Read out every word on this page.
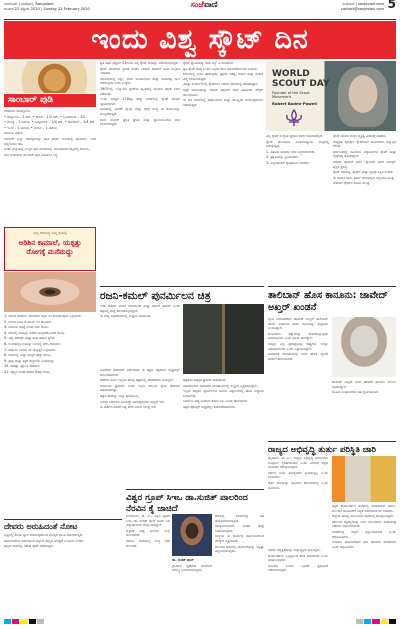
ಬೆಂಗಳೂರು | ಸಂಜೆವಾಣಿ, Bangalore
ಶನಿವಾರ 22 ಫೆಬ್ರವರಿ 2020 | Sunday 22 February 2020	ಸಂಜೆವಾಣಿ	ಸಂಜೆವಾಣಿ | sanjevani.com
contact@sanjevani.com 5
ಇಂದು ವಿಶ್ವ ಸ್ಕೌಟ್ ದಿನ
ಸಾಂಬಾರ್ ಪುಡಿ

ಬೇಕಾಗುವ ಸಾಮಗ್ರಿಗಳು:

• ಕೊತ್ತಂಬರಿ – 2 ಕಪ್, • ಜೀರಿಗೆ – 1/2 ಕಪ್, • ಒಣಮೆಣಸು – 20

• ಮೆಂತ್ಯೆ – 1 ಚಮಚ, • ಉದ್ದಿನಬೇಳೆ – 1/4 ಕಪ್, • ಕಡಲೆಬೇಳೆ – 1/4 ಕಪ್

• ಇಂಗು – 1 ಚಮಚ, • ಅರಿಶಿನ – 1 ಚಮಚ

ಮಾಡುವ ವಿಧಾನ:

ಬಾಣಲೆಗೆ ಎಲ್ಲಾ ಸಾಮಗ್ರಿಗಳನ್ನು ಹಾಕಿ ಕಡಿಮೆ ಉರಿಯಲ್ಲಿ ಹುರಿಯಿರಿ. ಬಳಿಕ ತಣ್ಣಗಾಗಲು ಬಿಡಿ.

ನಂತರ ಮಿಕ್ಸಿಯಲ್ಲಿ ನುಣ್ಣಗೆ ಪುಡಿ ಮಾಡಿಕೊಳ್ಳಿ. ಗಾಳಿಯಾಡದ ಡಬ್ಬದಲ್ಲಿ ಶೇಖರಿಸಿ.

ಈಗ ರುಚಿಯಾದ ಸಾಂಬಾರ್ ಪುಡಿ ಸವಿಯಲು ಸಿದ್ಧ.

ನಿಮ್ಮ ಆರೋಗ್ಯ ನಿಮ್ಮ ಕೈಯಲ್ಲಿ
ಅರಿಶಿನ ಕಾಮಾಲೆ, ಯಕೃತ್ತು
ರೋಗಕ್ಕೆ ಮನೆಮದ್ದು

1. ಅರಿಶಿನ ಕಾಮಾಲೆ ಇರುವವರು ಕಬ್ಬಿನ ರಸ ಕುಡಿಯುವುದು ಒಳ್ಳೆಯದು.

2. ಬೆಳಗಿನ ಜಾವ ಮೂಲಂಗಿ ರಸ ಕುಡಿಯಿರಿ.

3. ಎಳನೀರು ದಿನಕ್ಕೆ ಎರಡು ಬಾರಿ ಸೇವಿಸಿ.

4. ಕಿರುನೆಲ್ಲಿ ಸೊಪ್ಪನ್ನು ಅರೆದು ಮಜ್ಜಿಗೆಯೊಂದಿಗೆ ಸೇವಿಸಿ.

5. ಎಣ್ಣೆ ಪದಾರ್ಥ ಮತ್ತು ಕರಿದ ಆಹಾರ ತ್ಯಜಿಸಿ.

6. ನಿಂಬೆಹಣ್ಣಿನ ರಸವನ್ನು ನೀರಿನಲ್ಲಿ ಬೆರೆಸಿ ಕುಡಿಯಿರಿ.

7. ಪಪ್ಪಾಯಿ ಎಲೆಯ ರಸ ಯಕೃತ್ತಿಗೆ ಒಳ್ಳೆಯದು.

8. ಮೊಸರನ್ನ ಮತ್ತು ಮಜ್ಜಿಗೆ ಹೆಚ್ಚು ಸೇವಿಸಿ.

9. ದ್ರಾಕ್ಷಿ ಮತ್ತು ಕಿತ್ತಳೆ ಹಣ್ಣುಗಳು ಉಪಯುಕ್ತ.

10. ಸಾಕಷ್ಟು ವಿಶ್ರಾಂತಿ ಪಡೆಯಿರಿ.

11. ವೈದ್ಯರ ಸಲಹೆ ಪಡೆದು ಔಷಧ ಸೇವಿಸಿ.

ದೇವರು ಅರುಹಿದಂತೆ ನೋಟ

ವೃತ್ತದಲ್ಲಿ ಕುಳಿತು ಧ್ಯಾನ ಮಾಡುವುದರಿಂದ ಮನಸ್ಸಿಗೆ ಶಾಂತಿ ದೊರೆಯುತ್ತದೆ.

ದೇವಾಲಯಗಳ ದರ್ಶನದಿಂದ ಭಕ್ತರಿಗೆ ನೆಮ್ಮದಿ ಸಿಗುತ್ತದೆ ಎಂಬುದು ನಂಬಿಕೆ.

ಹಬ್ಬದ ದಿನಗಳಲ್ಲಿ ವಿಶೇಷ ಪೂಜೆ ನಡೆಯುತ್ತದೆ.

ಪ್ರತಿ ವರ್ಷ ಫೆಬ್ರವರಿ 22ರಂದು ವಿಶ್ವ ಸ್ಕೌಟ್ ದಿನವನ್ನು ಆಚರಿಸಲಾಗುತ್ತದೆ.

ಸ್ಕೌಟ್ ಚಳವಳಿಯ ಸ್ಥಾಪಕ ಲಾರ್ಡ್ ಬೇಡನ್ ಪೊವೆಲ್ ಅವರ ಜನ್ಮದಿನ ಇದಾಗಿದೆ.

ಯುವಜನರಲ್ಲಿ ಶಿಸ್ತು, ಸೇವಾ ಮನೋಭಾವ ಮತ್ತು ನಾಯಕತ್ವ ಗುಣ ಬೆಳೆಸುವುದು ಇದರ ಉದ್ದೇಶ.

1907ರಲ್ಲಿ ಇಂಗ್ಲೆಂಡಿನ ಬ್ರೌನ್‌ಸೀ ದ್ವೀಪದಲ್ಲಿ ಮೊದಲ ಸ್ಕೌಟ್ ಶಿಬಿರ ನಡೆಯಿತು.

ಇಂದು ಜಗತ್ತಿನ 170ಕ್ಕೂ ಹೆಚ್ಚು ದೇಶಗಳಲ್ಲಿ ಸ್ಕೌಟ್ ಚಳವಳಿ ಸಕ್ರಿಯವಾಗಿದೆ.

ಭಾರತದಲ್ಲಿ ಭಾರತ್ ಸ್ಕೌಟ್ಸ್ ಮತ್ತು ಗೈಡ್ಸ್ ಸಂಸ್ಥೆ ಈ ಕಾರ್ಯವನ್ನು ಮುನ್ನಡೆಸುತ್ತಿದೆ.

ಶಾಲಾ ಮಕ್ಕಳಿಗೆ ಪ್ರಕೃತಿ ಪ್ರೇಮ ಮತ್ತು ಸ್ವಾವಲಂಬನೆಯ ಪಾಠ ಕಲಿಸಲಾಗುತ್ತದೆ.

ಸ್ಕೌಟ್ ಧ್ಯೇಯವಾಕ್ಯ 'ಸದಾ ಸಿದ್ಧ' ಎಂಬುದಾಗಿದೆ.

ಪ್ರತಿ ಸ್ಕೌಟ್ ದಿನಕ್ಕೆ ಒಂದು ಒಳ್ಳೆಯ ಕೆಲಸ ಮಾಡಬೇಕೆಂಬುದು ನಿಯಮ.

ಶಿಬಿರಗಳಲ್ಲಿ ಗಂಟು ಹಾಕುವುದು, ಪ್ರಥಮ ಚಿಕಿತ್ಸೆ, ಅಡುಗೆ ಮತ್ತು ಸಂಕೇತ ವಿದ್ಯೆ ಕಲಿಸಲಾಗುತ್ತದೆ.

ವಿಪತ್ತು ಸಂದರ್ಭಗಳಲ್ಲಿ ಸ್ಕೌಟ್‌ಗಳು ಸಮಾಜ ಸೇವೆಯಲ್ಲಿ ತೊಡಗುತ್ತಾರೆ.

ಗೈಡ್ಸ್ ಚಳವಳಿಯನ್ನು ಬೇಡನ್ ಪೊವೆಲ್ ಅವರ ಸಹೋದರಿ ಆಗ್ನೆಸ್ ಆರಂಭಿಸಿದರು.

ಈ ದಿನ ಶಾಲೆಗಳಲ್ಲಿ ಪಥಸಂಚಲನ ಮತ್ತು ಸಾಂಸ್ಕೃತಿಕ ಕಾರ್ಯಕ್ರಮಗಳು ನಡೆಯುತ್ತವೆ.

WORLD
SCOUT DAY
Founder of the Scout Movement
Robert Baden-Powell

ವಿಶ್ವ ಸ್ಕೌಟ್ ಸಂಸ್ಥೆಯ ಪ್ರಧಾನ ಕಚೇರಿ ಜಿನೀವಾದಲ್ಲಿದೆ.

ಸ್ಕೌಟ್ ಜಾಂಬೋರಿ ಅಂತರರಾಷ್ಟ್ರೀಯ ಮಟ್ಟದಲ್ಲಿ ನಡೆಯುತ್ತದೆ.

1. ಸಹಾಯ ಮಾಡಲು ಸದಾ ಸಿದ್ಧರಾಗಿರಬೇಕು.

2. ಪ್ರಕೃತಿಯನ್ನು ಪ್ರೀತಿಸಬೇಕು.

3. ಎಲ್ಲರೊಂದಿಗೆ ಸ್ನೇಹದಿಂದ ಇರಬೇಕು.

ಸ್ಕೌಟ್ ಚಳವಳಿ ಮಕ್ಕಳ ವ್ಯಕ್ತಿತ್ವ ವಿಕಸನಕ್ಕೆ ಸಹಕಾರಿ.

ರಾಷ್ಟ್ರಪತಿ ಪುರಸ್ಕಾರ ಸ್ಕೌಟ್‌ಗಳಿಗೆ ನೀಡಲಾಗುವ ಅತ್ಯುನ್ನತ ಗೌರವ.

ಕರ್ನಾಟಕದಲ್ಲಿ ಸಾವಿರಾರು ವಿದ್ಯಾರ್ಥಿಗಳು ಸ್ಕೌಟ್ ಮತ್ತು ಗೈಡ್ಸ್‌ನಲ್ಲಿ ತೊಡಗಿದ್ದಾರೆ.

ಬೇಡನ್ ಪೊವೆಲ್ ಅವರ 'ಸ್ಕೌಟಿಂಗ್ ಫಾರ್ ಬಾಯ್ಸ್' ಪುಸ್ತಕ ಪ್ರಸಿದ್ಧ.

ಸ್ಕೌಟ್ ಸಮವಸ್ತ್ರ, ಸ್ಕಾರ್ಫ್ ಮತ್ತು ಬ್ಯಾಡ್ಜ್ ಶಿಸ್ತಿನ ಸಂಕೇತ.

ಈ ಚಳವಳಿ ಜಾತಿ, ಧರ್ಮ ಭೇದವಿಲ್ಲದೆ ಎಲ್ಲರಿಗೂ ಮುಕ್ತ.

ಸೇವೆಯೇ ಸ್ಕೌಟ್‌ನ ಮೂಲ ಮಂತ್ರ.

ರಜನಿ-ಕಮಲ್ ಪುನರ್ಮಿಲನ ಚಿತ್ರ

ಇದೇ ಮೊದಲ ಬಾರಿಗೆ ರಜನಿಕಾಂತ್ ಮತ್ತು ಕಮಲ್ ಹಾಸನ್ ಒಂದೇ ಚಿತ್ರದಲ್ಲಿ ಮತ್ತೆ ಕಾಣಿಸಿಕೊಳ್ಳಲಿದ್ದಾರೆ.

ಈ ಸುದ್ದಿ ಅಭಿಮಾನಿಗಳಲ್ಲಿ ಸಂಭ್ರಮ ಮೂಡಿಸಿದೆ.

ಲೋಕೇಶ್ ಕನಕರಾಜ್ ನಿರ್ದೇಶನದ ಈ ಚಿತ್ರದ ಚಿತ್ರೀಕರಣ ಶೀಘ್ರದಲ್ಲೇ ಆರಂಭವಾಗಲಿದೆ.

ದಶಕಗಳ ಹಿಂದೆ ಇಬ್ಬರೂ ಹಲವು ಚಿತ್ರಗಳಲ್ಲಿ ಜೊತೆಯಾಗಿ ನಟಿಸಿದ್ದರು.

ರಾಜಕೀಯ ಪ್ರವೇಶದ ನಂತರ ಇಬ್ಬರ ನಡುವಿನ ಸ್ನೇಹ ಚರ್ಚೆಯ ವಿಷಯವಾಗಿತ್ತು.

ಚಿತ್ರದ ಹೆಸರನ್ನು ಇನ್ನೂ ಘೋಷಿಸಿಲ್ಲ.

ಸಂಗೀತ ನಿರ್ದೇಶನ ಅನಿರುದ್ಧ್ ಅವರದ್ದಾಗಿರುವ ಸಾಧ್ಯತೆ ಇದೆ.

ಈ ವರ್ಷದ ಕೊನೆಗೆ ಚಿತ್ರ ತೆರೆಗೆ ಬರುವ ನಿರೀಕ್ಷೆ ಇದೆ.

ಚಿತ್ರತಂಡ ಅಧಿಕೃತ ಪ್ರಕಟಣೆ ಹೊರಡಿಸಿದೆ.

ಅಭಿಮಾನಿಗಳು ಸಾಮಾಜಿಕ ಜಾಲತಾಣಗಳಲ್ಲಿ ಸಂಭ್ರಮ ವ್ಯಕ್ತಪಡಿಸಿದ್ದಾರೆ.

ಇಬ್ಬರು ದಿಗ್ಗಜರ ಪುನರ್ಮಿಲನ ತಮಿಳು ಚಿತ್ರರಂಗದಲ್ಲಿ ಹೊಸ ಅಧ್ಯಾಯ ಬರೆಯಲಿದೆ.

ನಿರ್ಮಾಣ ವೆಚ್ಚ ನೂರಾರು ಕೋಟಿ ರೂ. ಎಂದು ಹೇಳಲಾಗಿದೆ.

ಚಿತ್ರದ ಪೋಸ್ಟರ್ ಶೀಘ್ರದಲ್ಲೇ ಬಿಡುಗಡೆಯಾಗಲಿದೆ.

ತಾಲಿಬಾನ್ ಹೊಸ ಕಾನೂನು: ಜಾವೇದ್ ಅಖ್ತರ್ ಖಂಡನೆ

ಖ್ಯಾತ ಗೀತರಚನೆಕಾರ ಜಾವೇದ್ ಅಖ್ತರ್ ತಾಲಿಬಾನ್ ಜಾರಿಗೆ ತಂದಿರುವ ಹೊಸ ಕಾನೂನನ್ನು ತೀವ್ರವಾಗಿ ಖಂಡಿಸಿದ್ದಾರೆ.

ಮಹಿಳೆಯರ ಹಕ್ಕುಗಳನ್ನು ಕಸಿದುಕೊಳ್ಳುವುದು ಅಮಾನವೀಯ ಎಂದು ಅವರು ಹೇಳಿದ್ದಾರೆ.

ಜಗತ್ತಿನ ಎಲ್ಲ ಪ್ರಜಾಪ್ರಭುತ್ವ ರಾಷ್ಟ್ರಗಳು ಇದನ್ನು ವಿರೋಧಿಸಬೇಕು ಎಂದು ಒತ್ತಾಯಿಸಿದ್ದಾರೆ.

ಸಾಮಾಜಿಕ ಜಾಲತಾಣದಲ್ಲಿ ಅವರ ಹೇಳಿಕೆ ವ್ಯಾಪಕ ಚರ್ಚೆಗೆ ಕಾರಣವಾಗಿದೆ.

ಜಾವೇದ್ ಅಖ್ತರ್ ಅವರ ಹೇಳಿಕೆಗೆ ಹಲವರು ಬೆಂಬಲ ಸೂಚಿಸಿದ್ದಾರೆ.

ಮಹಿಳಾ ಸಂಘಟನೆಗಳು ಸಹ ಧ್ವನಿಗೂಡಿಸಿವೆ.

ರಾಜ್ಯದ ಅಭಿವೃದ್ಧಿ ತುರ್ತು ಪರಿಸ್ಥಿತಿ ಜಾರಿ

ಮೈಸೂರು, ಫೆ. ೨೧- ರಾಜ್ಯದ ಅಭಿವೃದ್ಧಿ ಕಾರ್ಯಗಳು ಸಂಪೂರ್ಣ ಸ್ಥಗಿತಗೊಂಡಿವೆ ಎಂದು ವಿರೋಧ ಪಕ್ಷದ ನಾಯಕರು ಆರೋಪಿಸಿದ್ದಾರೆ.

ಸರ್ಕಾರ ಜನರ ಸಮಸ್ಯೆಗಳಿಗೆ ಸ್ಪಂದಿಸುತ್ತಿಲ್ಲ ಎಂದು ಟೀಕಿಸಿದರು.

ರೈತರ ಸಾಲಮನ್ನಾ ಯೋಜನೆ ಜಾರಿಯಾಗಿಲ್ಲ ಎಂದು ದೂರಿದರು.

ಪಕ್ಷದ ಕಾರ್ಯಕರ್ತರ ಸಭೆಯಲ್ಲಿ ಮಾತನಾಡಿದ ಅವರು, ಮುಂದಿನ ಚುನಾವಣೆಗೆ ಸಿದ್ಧತೆ ನಡೆಸುವಂತೆ ಕರೆ ನೀಡಿದರು.

ಜಿಲ್ಲೆಯ ಹಲವು ಮುಖಂಡರು ಸಭೆಯಲ್ಲಿ ಪಾಲ್ಗೊಂಡಿದ್ದರು.

ಸರ್ಕಾರದ ವೈಫಲ್ಯಗಳನ್ನು ಜನರ ಮುಂದಿಡಲು ಪಾದಯಾತ್ರೆ ನಡೆಸಲು ನಿರ್ಧರಿಸಲಾಗಿದೆ.

ಬಜೆಟ್‌ನಲ್ಲಿ ಜಿಲ್ಲೆಗೆ ಅನ್ಯಾಯವಾಗಿದೆ ಎಂದು ಆರೋಪಿಸಿದರು.

ನೀರಾವರಿ ಯೋಜನೆಗಳಿಗೆ ಹಣ ಬಿಡುಗಡೆ ಮಾಡಬೇಕು ಎಂದು ಆಗ್ರಹಿಸಿದರು.

ಸಭೆಯ ಅಧ್ಯಕ್ಷತೆಯನ್ನು ಜಿಲ್ಲಾಧ್ಯಕ್ಷರು ವಹಿಸಿದ್ದರು.

ಕಾರ್ಯಕರ್ತರು ಒಗ್ಗಟ್ಟಿನಿಂದ ಕೆಲಸ ಮಾಡಬೇಕು ಎಂದು ಸಲಹೆ ನೀಡಿದರು.

ಮುಂದಿನ ತಿಂಗಳು ಬೃಹತ್ ಪ್ರತಿಭಟನೆ ನಡೆಸಲಾಗುವುದು.

ವಿಶ್ವರ ಗ್ರೂಪ್ ಸಿಇಒ ಡಾ.ಸುಜಿತ್ ಪಾಲರಿಂದ ನೆರವಿನ ಕೈ ಜಾಚಿದೆ

ಬೆಂಗಳೂರು, ಫೆ. ೨೧- ವಿಶ್ವರ ಗ್ರೂಪ್ ಸಿಇಒ ಡಾ. ಸುಜಿತ್ ಪಾಲ್ ಅವರು ಬಡ ವಿದ್ಯಾರ್ಥಿಗಳಿಗೆ ನೆರವು ನೀಡಿದ್ದಾರೆ.

ಶೈಕ್ಷಣಿಕ ವೆಚ್ಚ ಭರಿಸಲು ಸಂಸ್ಥೆ ಮುಂದಾಗಿದೆ.

ಸಮಾಜ ಸೇವೆಯಲ್ಲಿ ಸಂಸ್ಥೆ ಸದಾ ಮುಂದಿದೆ.

ಡಾ. ಸುಜಿತ್ ಪಾಲ್

ಗ್ರಾಮೀಣ ಪ್ರದೇಶದ ಶಾಲೆಗಳಿಗೆ ಸೌಲಭ್ಯ ಒದಗಿಸಲಾಗುವುದು.

ಆರೋಗ್ಯ ಶಿಬಿರಗಳನ್ನು ಸಹ ಆಯೋಜಿಸಲಾಗುತ್ತಿದೆ.

ಅಗತ್ಯವಿರುವವರಿಗೆ ಉಚಿತ ಚಿಕಿತ್ಸೆ ನೀಡಲಾಗುವುದು.

ಸಂಸ್ಥೆಯ ಈ ಕಾರ್ಯಕ್ಕೆ ಸಾರ್ವಜನಿಕರಿಂದ ಮೆಚ್ಚುಗೆ ವ್ಯಕ್ತವಾಗಿದೆ.

ಮುಂದಿನ ದಿನಗಳಲ್ಲಿ ಯೋಜನೆಯನ್ನು ಇನ್ನಷ್ಟು ವಿಸ್ತರಿಸಲಾಗುವುದು.
